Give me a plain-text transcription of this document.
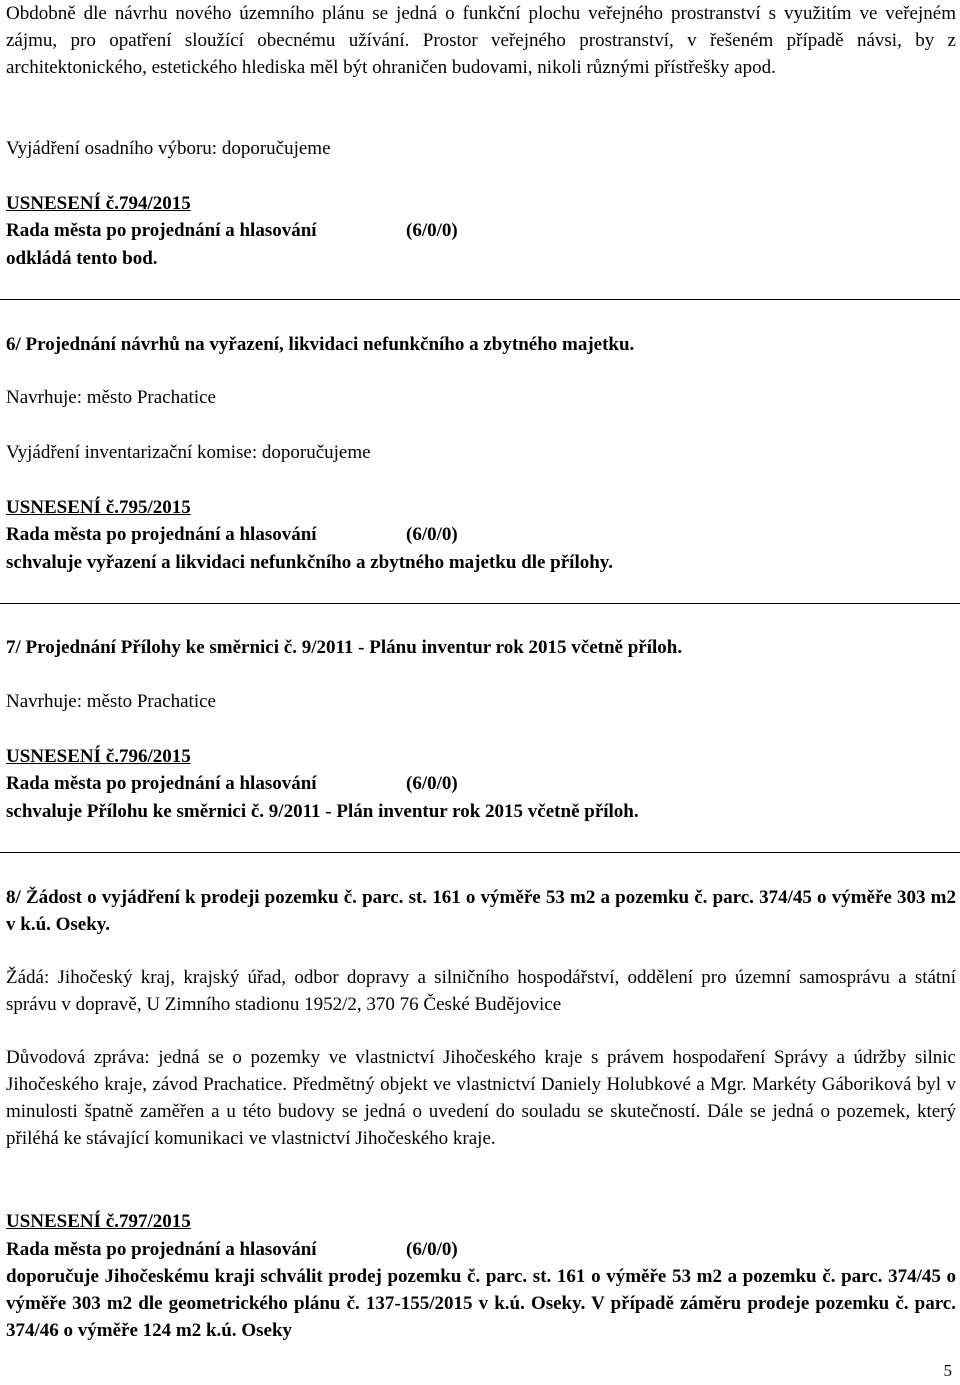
Obdobně dle návrhu nového územního plánu se jedná o funkční plochu veřejného prostranství s využitím ve veřejném zájmu, pro opatření sloužící obecnému užívání. Prostor veřejného prostranství, v řešeném případě návsi, by z architektonického, estetického hlediska měl být ohraničen budovami, nikoli různými přístřešky apod.
Vyjádření osadního výboru: doporučujeme
USNESENÍ č.794/2015
Rada města po projednání a hlasování	(6/0/0)
odkládá tento bod.
6/ Projednání návrhů na vyřazení, likvidaci nefunkčního a zbytného majetku.
Navrhuje: město Prachatice
Vyjádření inventarizační komise: doporučujeme
USNESENÍ č.795/2015
Rada města po projednání a hlasování	(6/0/0)
schvaluje vyřazení a likvidaci nefunkčního a zbytného majetku dle přílohy.
7/ Projednání Přílohy ke směrnici č. 9/2011 - Plánu inventur rok 2015 včetně příloh.
Navrhuje: město Prachatice
USNESENÍ č.796/2015
Rada města po projednání a hlasování	(6/0/0)
schvaluje Přílohu ke směrnici č. 9/2011 - Plán inventur rok 2015 včetně příloh.
8/ Žádost o vyjádření k prodeji pozemku č. parc. st. 161 o výměře 53 m2 a pozemku č. parc. 374/45 o výměře 303 m2 v k.ú. Oseky.
Žádá: Jihočeský kraj, krajský úřad, odbor dopravy a silničního hospodářství, oddělení pro územní samosprávu a státní správu v dopravě, U Zimního stadionu 1952/2, 370 76 České Budějovice
Důvodová zpráva: jedná se o pozemky ve vlastnictví Jihočeského kraje s právem hospodaření Správy a údržby silnic Jihočeského kraje, závod Prachatice. Předmětný objekt ve vlastnictví Daniely Holubkové a Mgr. Markéty Gáboriková byl v minulosti špatně zaměřen a u této budovy se jedná o uvedení do souladu se skutečností. Dále se jedná o pozemek, který přiléhá ke stávající komunikaci ve vlastnictví Jihočeského kraje.
USNESENÍ č.797/2015
Rada města po projednání a hlasování	(6/0/0)
doporučuje Jihočeskému kraji schválit prodej pozemku č. parc. st. 161 o výměře 53 m2 a pozemku č. parc. 374/45 o výměře 303 m2 dle geometrického plánu č. 137-155/2015 v k.ú. Oseky. V případě záměru prodeje pozemku č. parc. 374/46 o výměře 124 m2 k.ú. Oseky
5
